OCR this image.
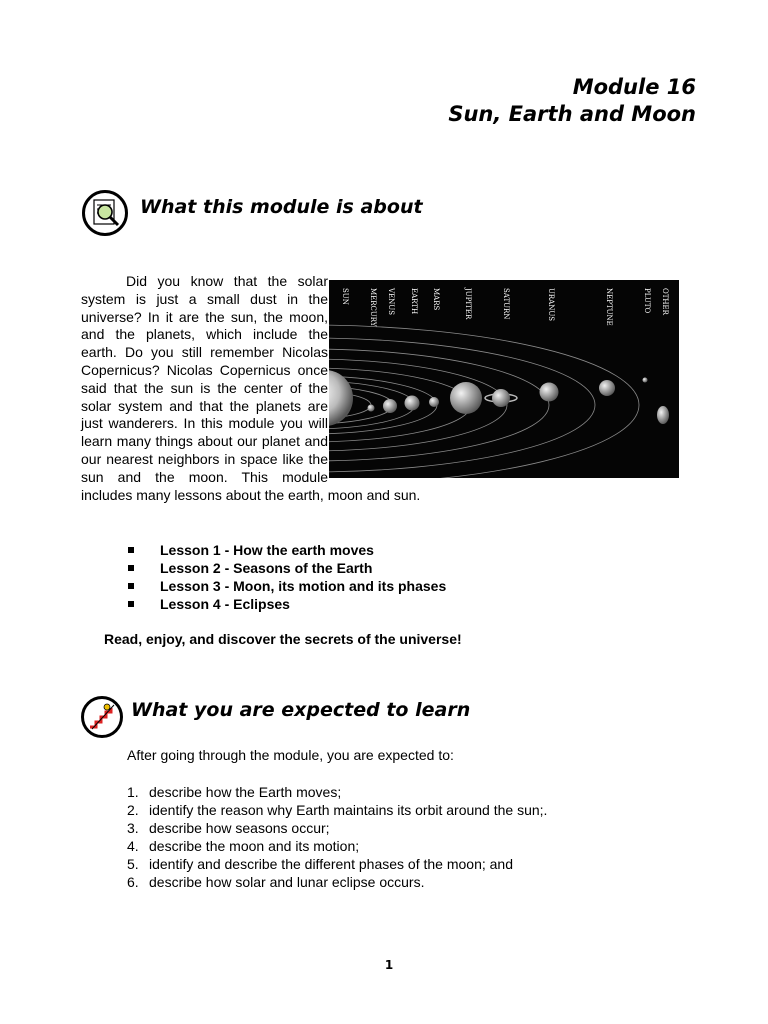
Module 16
Sun, Earth and Moon
What this module is about
SUN	MERCURY VENUS EARTH MARS	JUPITER	SATURN	URANUS	NEPTUNE	PLUTO OTHER
Did you know that the solar system is just a small dust in the universe? In it are the sun, the moon, and the planets, which include the earth. Do you still remember Nicolas Copernicus? Nicolas Copernicus once said that the sun is the center of the solar system and that the planets are just wanderers. In this module you will learn many things about our planet and our nearest neighbors in space like the sun and the moon. This module includes many lessons about the earth, moon and sun.
Lesson 1 - How the earth moves
Lesson 2 - Seasons of the Earth
Lesson 3 - Moon, its motion and its phases
Lesson 4 - Eclipses
Read, enjoy, and discover the secrets of the universe!
What you are expected to learn
After going through the module, you are expected to:
1. describe how the Earth moves;
2. identify the reason why Earth maintains its orbit around the sun;.
3. describe how seasons occur;
4. describe the moon and its motion;
5. identify and describe the different phases of the moon; and
6. describe how solar and lunar eclipse occurs.
1
